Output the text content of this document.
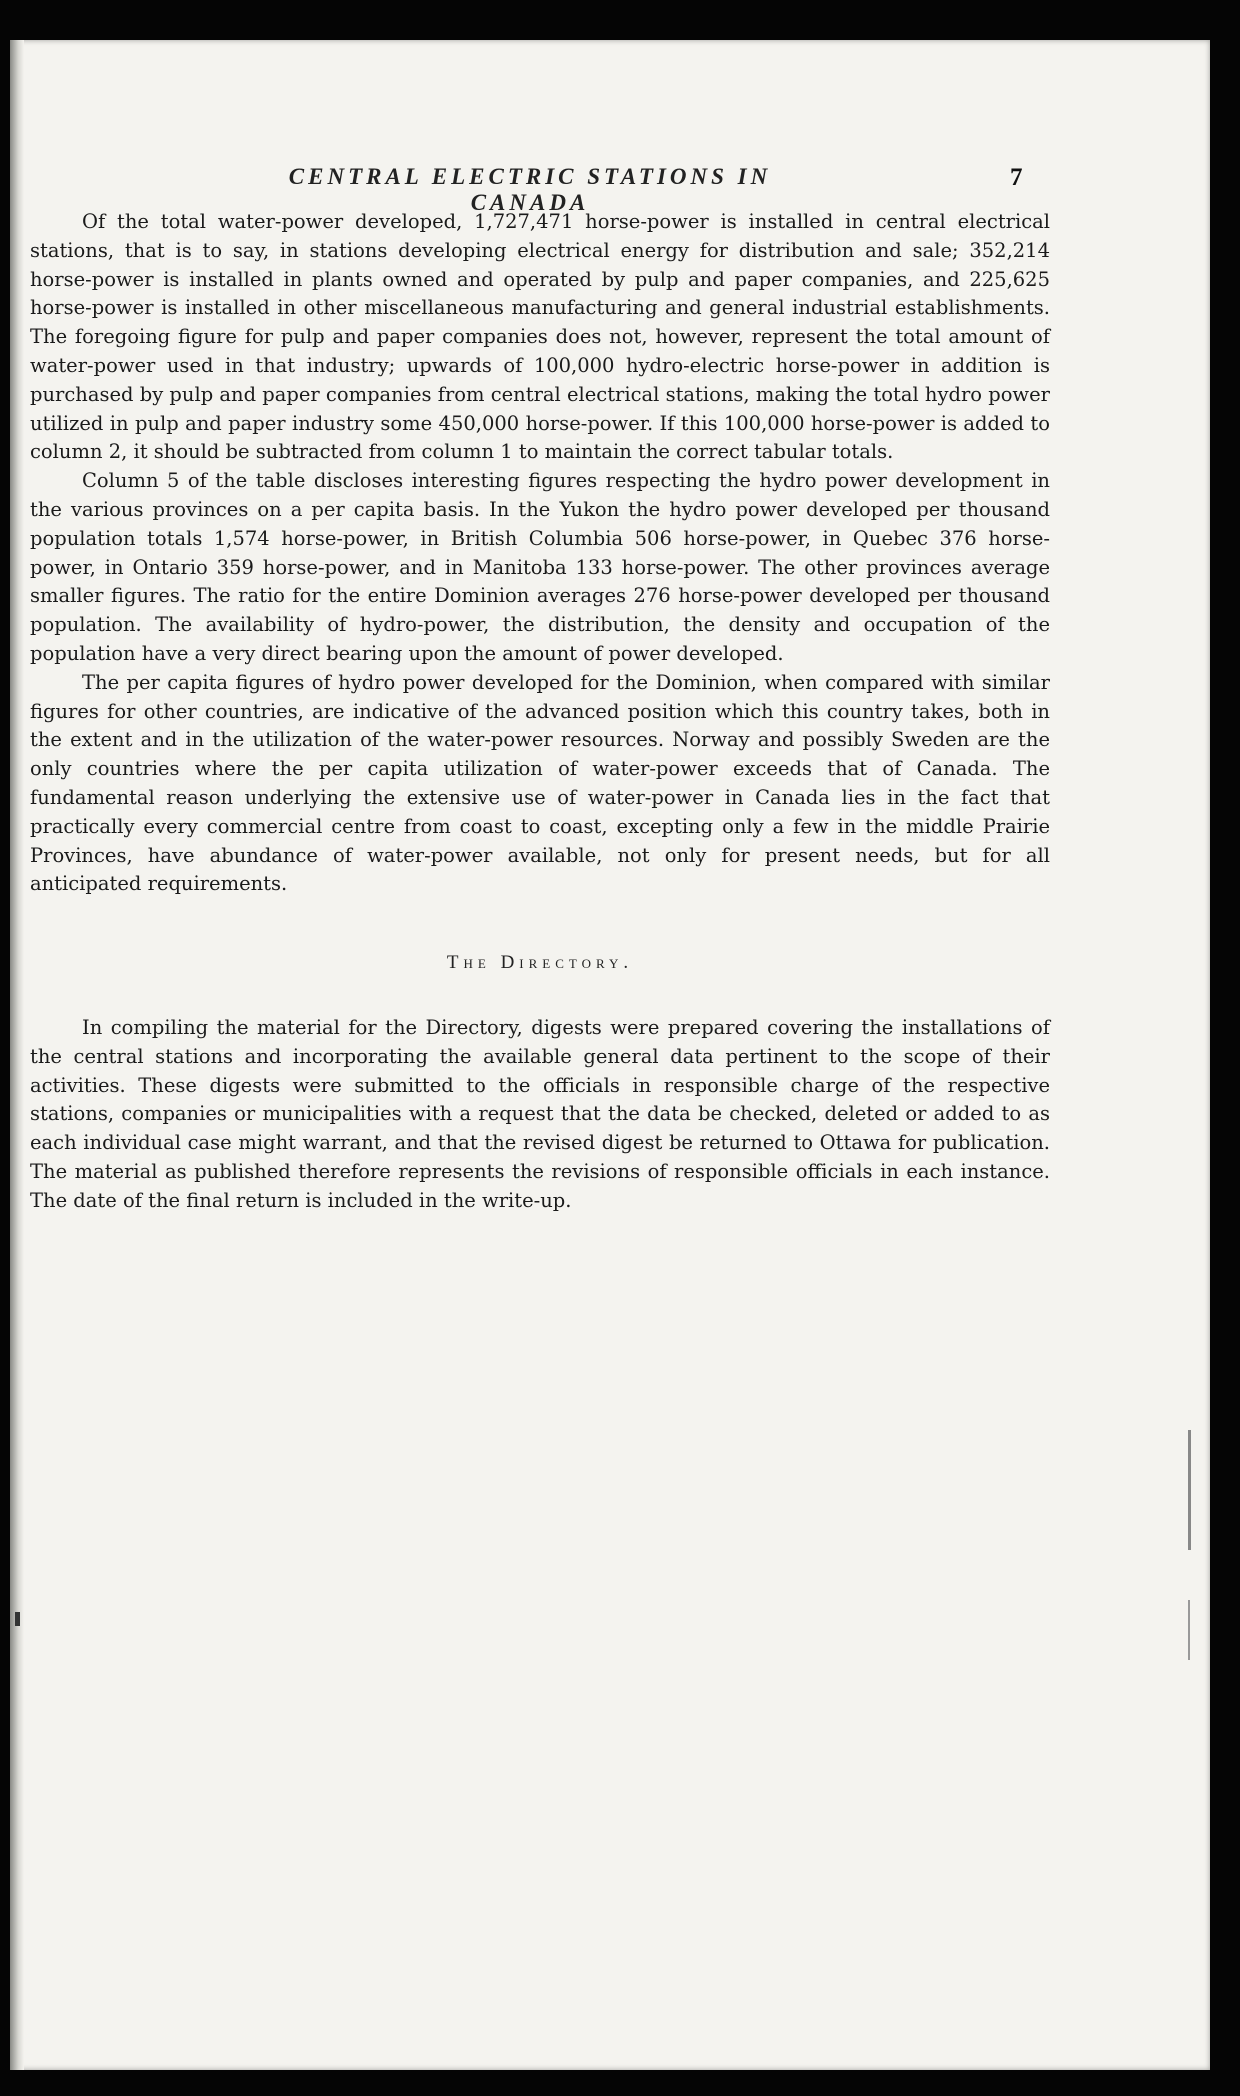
CENTRAL ELECTRIC STATIONS IN CANADA
7

Of the total water-power developed, 1,727,471 horse-power is installed in central electrical stations, that is to say, in stations developing electrical energy for distribution and sale; 352,214 horse-power is installed in plants owned and operated by pulp and paper companies, and 225,625 horse-power is installed in other miscellaneous manufacturing and general industrial establishments. The foregoing figure for pulp and paper companies does not, however, represent the total amount of water-power used in that industry; upwards of 100,000 hydro-electric horse-power in addition is purchased by pulp and paper companies from central electrical stations, making the total hydro power utilized in pulp and paper industry some 450,000 horse-power. If this 100,000 horse-power is added to column 2, it should be subtracted from column 1 to maintain the correct tabular totals.

Column 5 of the table discloses interesting figures respecting the hydro power development in the various provinces on a per capita basis. In the Yukon the hydro power developed per thousand population totals 1,574 horse-power, in British Columbia 506 horse-power, in Quebec 376 horse-power, in Ontario 359 horse-power, and in Manitoba 133 horse-power. The other provinces average smaller figures. The ratio for the entire Dominion averages 276 horse-power developed per thousand population. The availability of hydro-power, the distribution, the density and occupation of the population have a very direct bearing upon the amount of power developed.

The per capita figures of hydro power developed for the Dominion, when compared with similar figures for other countries, are indicative of the advanced position which this country takes, both in the extent and in the utilization of the water-power resources. Norway and possibly Sweden are the only countries where the per capita utilization of water-power exceeds that of Canada. The fundamental reason underlying the extensive use of water-power in Canada lies in the fact that practically every commercial centre from coast to coast, excepting only a few in the middle Prairie Provinces, have abundance of water-power available, not only for present needs, but for all anticipated requirements.

The Directory.

In compiling the material for the Directory, digests were prepared covering the installations of the central stations and incorporating the available general data pertinent to the scope of their activities. These digests were submitted to the officials in responsible charge of the respective stations, companies or municipalities with a request that the data be checked, deleted or added to as each individual case might warrant, and that the revised digest be returned to Ottawa for publication. The material as published therefore represents the revisions of responsible officials in each instance. The date of the final return is included in the write-up.
